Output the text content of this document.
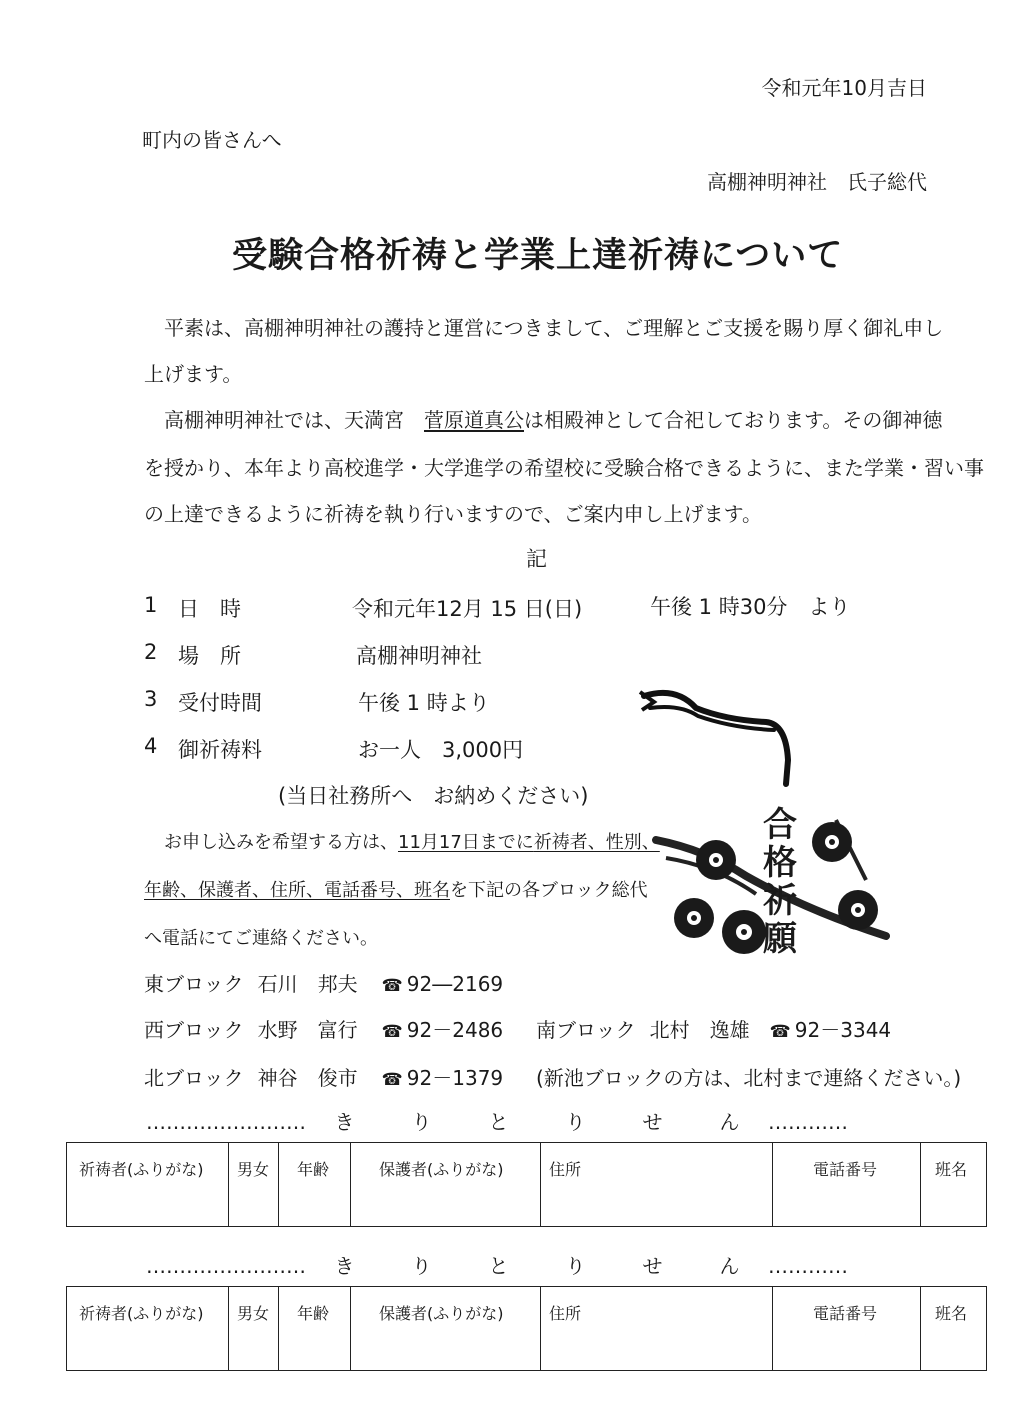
令和元年10月吉日
町内の皆さんへ
高棚神明神社　氏子総代
受験合格祈祷と学業上達祈祷について
平素は、高棚神明神社の護持と運営につきまして、ご理解とご支援を賜り厚く御礼申し
上げます。
高棚神明神社では、天満宮　菅原道真公は相殿神として合祀しております。その御神徳
を授かり、本年より高校進学・大学進学の希望校に受験合格できるように、また学業・習い事
の上達できるように祈祷を執り行いますので、ご案内申し上げます。
記
1 日　時	令和元年12月 15 日(日)	午後 1 時30分　より
2 場　所	高棚神明神社
3 受付時間	午後 1 時より
4 御祈祷料	お一人　3,000円
(当日社務所へ　お納めください)
お申し込みを希望する方は、11月17日までに祈祷者、性別、
年齢、保護者、住所、電話番号、班名を下記の各ブロック総代
へ電話にてご連絡ください。
東ブロック 石川　邦夫 ☎ 92―2169
西ブロック 水野　富行 ☎ 92－2486 南ブロック 北村　逸雄 ☎ 92－3344
北ブロック 神谷　俊市 ☎ 92－1379 (新池ブロックの方は、北村まで連絡ください。)
合
格
祈
願
…………………… き	り	と	り	せ	ん …………
祈祷者(ふりがな)	男女	年齢	保護者(ふりがな)	住所	電話番号	班名
…………………… き	り	と	り	せ	ん …………
祈祷者(ふりがな)	男女	年齢	保護者(ふりがな)	住所	電話番号	班名
